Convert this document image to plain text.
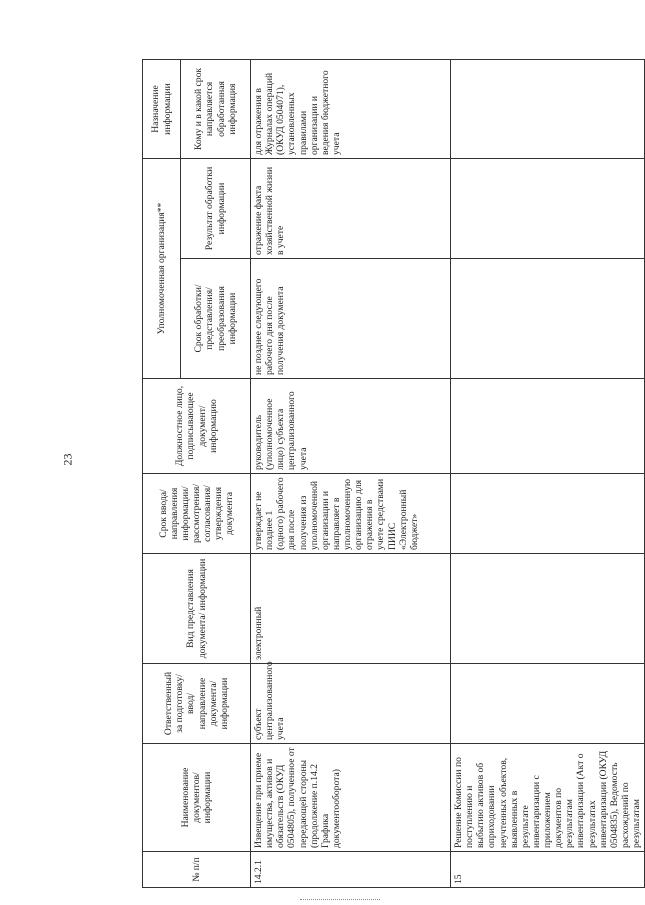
23
№ п/п	Наименование документов/информации	Ответственный за подготовку/ ввод/ направление документа/ информации	Вид представления документа/ информации	Срок ввода/ направления информации/ рассмотрения/ согласования/ утверждения документа	Должностное лицо, подписывающее документ/ информацию	Уполномоченная организация**		Назначение информации
						Срок обработки/ представления/ преобразования информации	Результат обработки информации	Кому и в какой срок направляется обработанная информация
14.2.1	Извещение при приеме имущества, активов и обязательств (ОКУД 0504805), полученное от передающей стороны (продолжение п.14.2 Графика документооборота)	субъект централизованного учета	электронный	утверждает не позднее 1 (одного) рабочего дня после получения из уполномоченной организации и направляет в уполномоченную организацию для отражения в учете средствами ПИИС «Электронный бюджет»	руководитель (уполномоченное лицо) субъекта централизованного учета	не позднее следующего рабочего дня после получения документа	отражение факта хозяйственной жизни в учете	для отражения в Журналах операций (ОКУД 0504071), установленных правилами организации и ведения бюджетного учета
15	Решение Комиссии по поступлению и выбытию активов об оприходовании неучтенных объектов, выявленных в результате инвентаризации с приложением документов по результатам инвентаризации (Акт о результатах инвентаризации (ОКУД 0504835), Ведомость расхождений по результатам							
